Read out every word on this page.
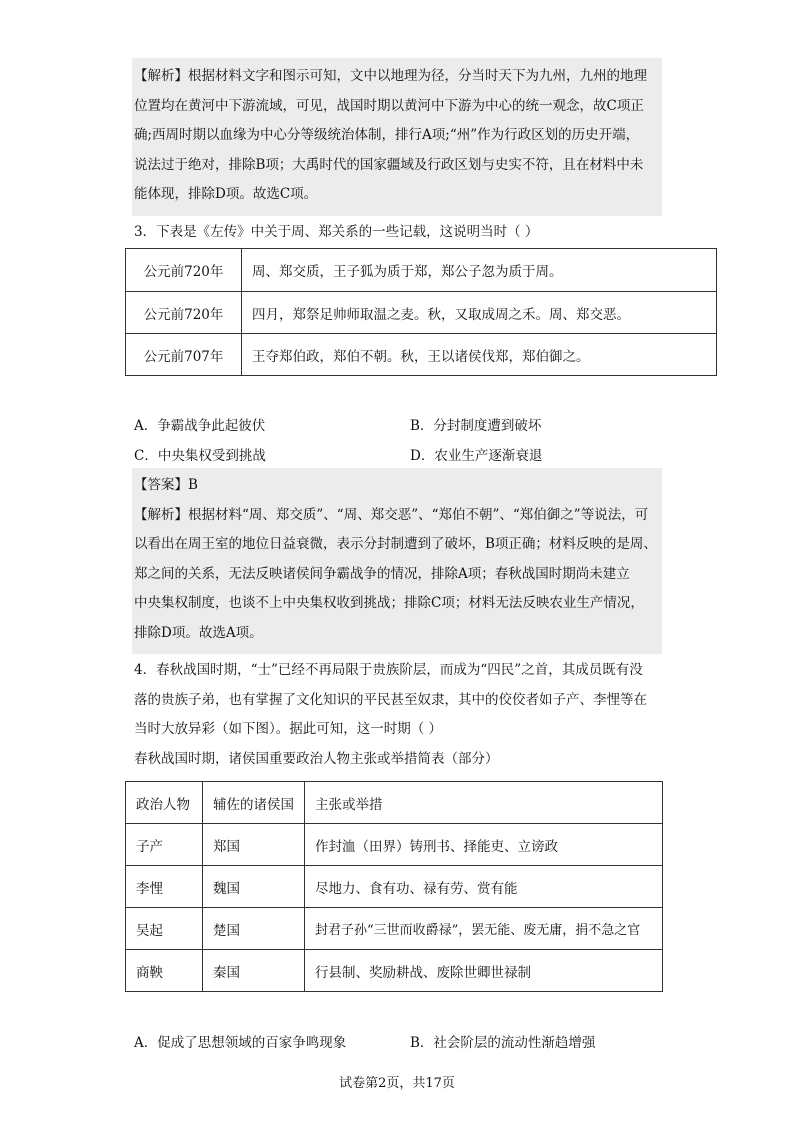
【解析】根据材料文字和图示可知，文中以地理为径，分当时天下为九州，九州的地理
位置均在黄河中下游流域，可见，战国时期以黄河中下游为中心的统一观念，故C项正
确;西周时期以血缘为中心分等级统治体制，排行A项;“州”作为行政区划的历史开端，
说法过于绝对，排除B项；大禹时代的国家疆域及行政区划与史实不符，且在材料中未
能体现，排除D项。故选C项。
3．下表是《左传》中关于周、郑关系的一些记载，这说明当时（ ）
公元前720年	周、郑交质，王子狐为质于郑，郑公子忽为质于周。
公元前720年	四月，郑祭足帅师取温之麦。秋，又取成周之禾。周、郑交恶。
公元前707年	王夺郑伯政，郑伯不朝。秋，王以诸侯伐郑，郑伯御之。
A．争霸战争此起彼伏	B．分封制度遭到破坏
C．中央集权受到挑战	D．农业生产逐渐衰退
【答案】B
【解析】根据材料“周、郑交质”、“周、郑交恶”、“郑伯不朝”、“郑伯御之”等说法，可
以看出在周王室的地位日益衰微，表示分封制遭到了破坏，B项正确；材料反映的是周、
郑之间的关系，无法反映诸侯间争霸战争的情况，排除A项；春秋战国时期尚未建立
中央集权制度，也谈不上中央集权收到挑战；排除C项；材料无法反映农业生产情况，
排除D项。故选A项。
4．春秋战国时期，“士”已经不再局限于贵族阶层，而成为“四民”之首，其成员既有没
落的贵族子弟，也有掌握了文化知识的平民甚至奴隶，其中的佼佼者如子产、李悝等在
当时大放异彩（如下图）。据此可知，这一时期（ ）
春秋战国时期，诸侯国重要政治人物主张或举措简表（部分）
政治人物	辅佐的诸侯国	主张或举措
子产	郑国	作封洫（田界）铸刑书、择能吏、立谤政
李悝	魏国	尽地力、食有功、禄有劳、赏有能
吴起	楚国	封君子孙“三世而收爵禄”，罢无能、废无庸，捐不急之官
商鞅	秦国	行县制、奖励耕战、废除世卿世禄制
A．促成了思想领域的百家争鸣现象	B．社会阶层的流动性渐趋增强
试卷第2页，共17页
